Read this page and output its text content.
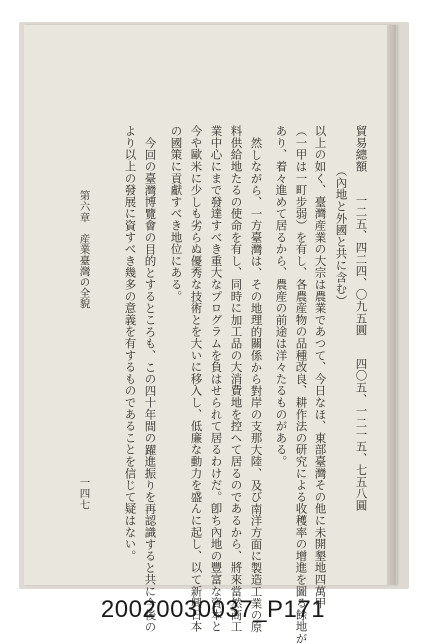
貿易總額一二五、四二四、〇九五圓四〇五、一二一五、七五八圓
（內地と外國と共に含む）
以上の如く、臺灣産業の大宗は農業であつて、今日なほ、東部臺灣その他に未開墾地四萬甲
（一甲は一町步弱）を有し、各農産物の品種改良、耕作法の研究による收穫率の增進を圖る餘地が
あり、着々進めて居るから、農産の前途は洋々たるものがある。
然しながら、一方臺灣は、その地理的關係から對岸の支那大陸、及び南洋方面に製造工業の原
料供給地たるの使命を有し、同時に加工品の大消費地を控へて居るのであるから、將來當然商工
業中心にまで發達すべき重大なプログラムを負はせられて居るわけだ。卽ち內地の豐富な資本と
今や歐米に少しも劣らぬ優秀な技術とを大いに移入し、低廉な動力を盛んに起し、以て新興日本
の國策に貢獻すべき地位にある。
今回の臺灣博覽會の目的とするところも、この四十年間の躍進振りを再認識すると共に今後の
より以上の發展に資すべき幾多の意義を有するものであることを信じて疑はない。
第六章　産業臺灣の全貌
一四七
20020030037_P171
